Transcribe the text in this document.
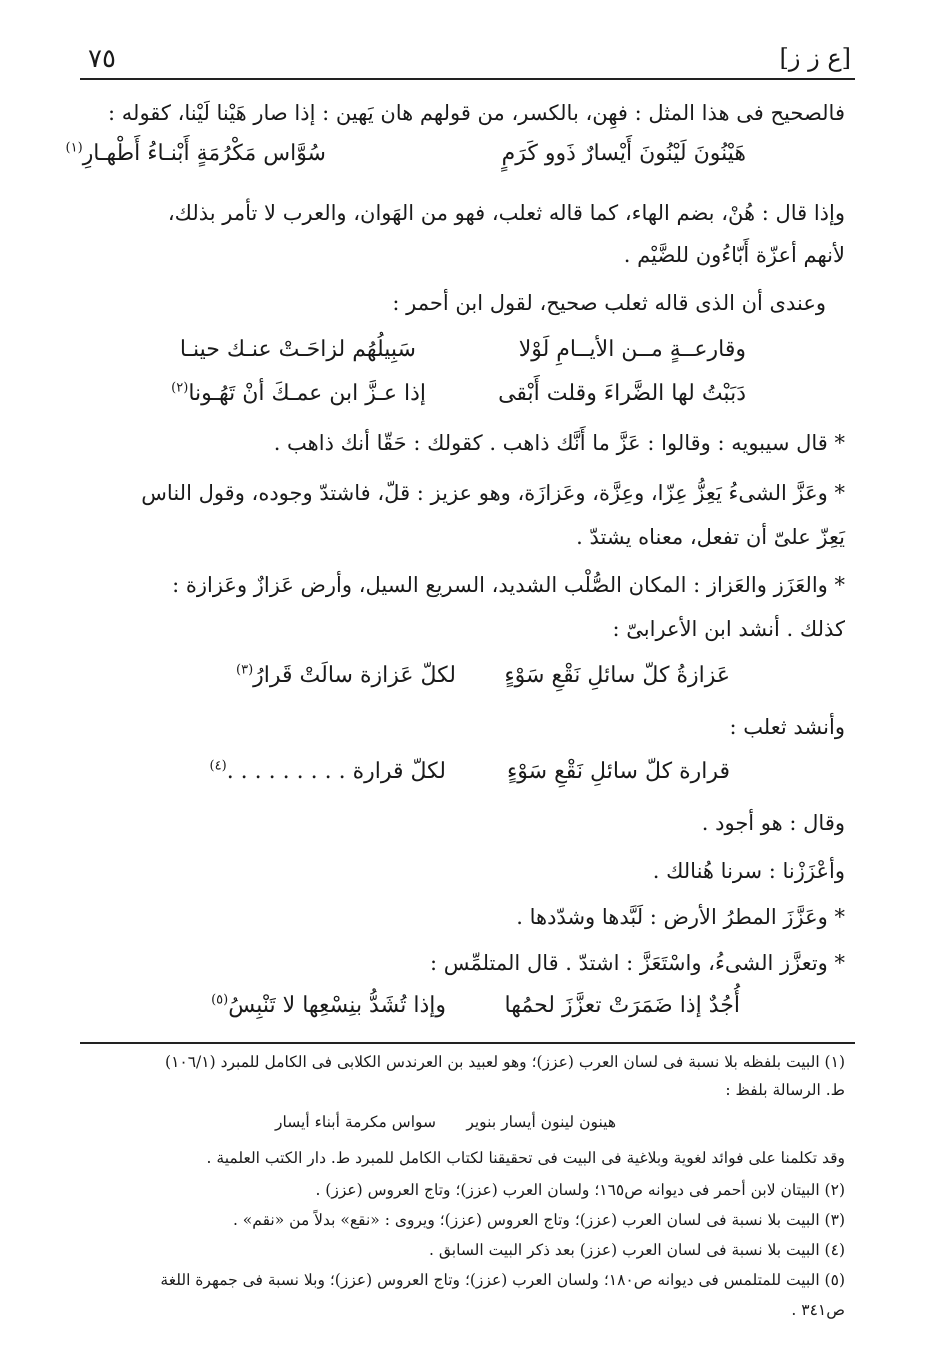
٧٥	[ع ز ز]
فالصحيح فى هذا المثل : فهِن، بالكسر، من قولهم هان يَهين : إذا صار هَيْنا لَيْنا، كقوله :
هَيْنُونَ لَيْنُونَ أَيْسارٌ ذَوو كَرَمٍ
سُوَّاس مَكْرُمَةٍ أَبْنـاءُ أَطْهـارِ$^{(١)}$
وإذا قال : هُنْ، بضم الهاء، كما قاله ثعلب، فهو من الهَوان، والعرب لا تأمر بذلك،
لأنهم أعزّة أَبّاءُون للضَّيْم .
وعندى أن الذى قاله ثعلب صحيح، لقول ابن أحمر :
وقارعــةٍ مــن الأيــامِ لَوْلا
سَبِيلُهُم لزاحَـتْ عنـك حينـا
دَبَبْتُ لها الضَّراءَ وقلت أَبْقى
إذا عـزَّ ابن عمـكَ أنْ تَهُـونا$^{(٢)}$
* قال سيبويه : وقالوا : عَزَّ ما أَنَّك ذاهب . كقولك : حَقّا أنك ذاهب .
* وعَزَّ الشىءُ يَعِزُّ عِزّا، وعِزَّة، وعَزازَة، وهو عزيز : قلّ، فاشتدّ وجوده، وقول الناس
يَعِزّ علىّ أن تفعل، معناه يشتدّ .
* والعَزَز والعَزاز : المكان الصُّلْب الشديد، السريع السيل، وأرض عَزازٌ وعَزازة :
كذلك . أنشد ابن الأعرابىّ :
عَزازةُ كلّ سائلِ نَقْعِ سَوْءٍ
لكلّ عَزازة سالَتْ قَرارُ$^{(٣)}$
وأنشد ثعلب :
قرارة كلّ سائلِ نَقْعِ سَوْءٍ
لكلّ قرارة . . . . . . . . .$^{(٤)}$
وقال : هو أجود .
وأعْزَزْنا : سرنا هُنالك .
* وعَزَّزَ المطرُ الأرض : لَبَّدها وشدّدها .
* وتعزَّز الشىءُ، واسْتَعَزَّ : اشتدّ . قال المتلمِّس :
أُجُدٌ إذا ضَمَرَتْ تعزَّزَ لحمُها
وإذا تُشَدُّ بنِسْعِها لا تَنْبِسُ$^{(٥)}$
(١) البيت بلفظه بلا نسبة فى لسان العرب (عزز)؛ وهو لعبيد بن العرندس الكلابى فى الكامل للمبرد (١٠٦/١)
ط. الرسالة بلفظ :
هينون لينون أيسار بنوير
سواس مكرمة أبناء أيسار
وقد تكلمنا على فوائد لغوية وبلاغية فى البيت فى تحقيقنا لكتاب الكامل للمبرد ط. دار الكتب العلمية .
(٢) البيتان لابن أحمر فى ديوانه ص١٦٥؛ ولسان العرب (عزز)؛ وتاج العروس (عزز) .
(٣) البيت بلا نسبة فى لسان العرب (عزز)؛ وتاج العروس (عزز)؛ ويروى : «نقع» بدلاً من «نقم» .
(٤) البيت بلا نسبة فى لسان العرب (عزز) بعد ذكر البيت السابق .
(٥) البيت للمتلمس فى ديوانه ص١٨٠؛ ولسان العرب (عزز)؛ وتاج العروس (عزز)؛ وبلا نسبة فى جمهرة اللغة
ص٣٤١ .
